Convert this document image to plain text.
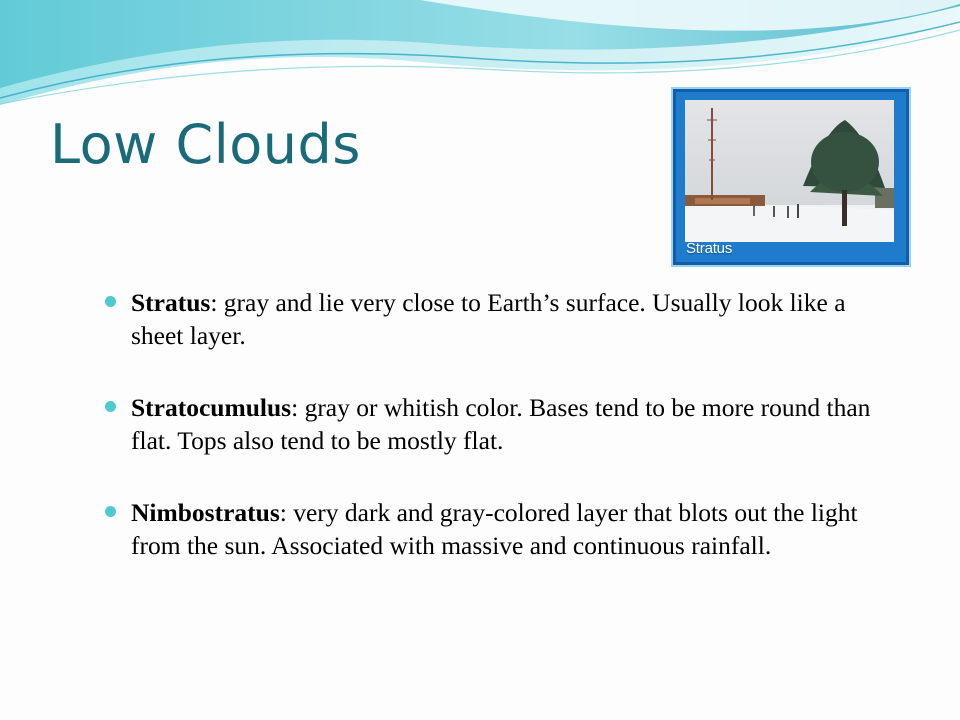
Low Clouds
Stratus
Stratus: gray and lie very close to Earth’s surface. Usually look like a sheet layer.
Stratocumulus: gray or whitish color. Bases tend to be more round than flat. Tops also tend to be mostly flat.
Nimbostratus: very dark and gray-colored layer that blots out the light from the sun. Associated with massive and continuous rainfall.
